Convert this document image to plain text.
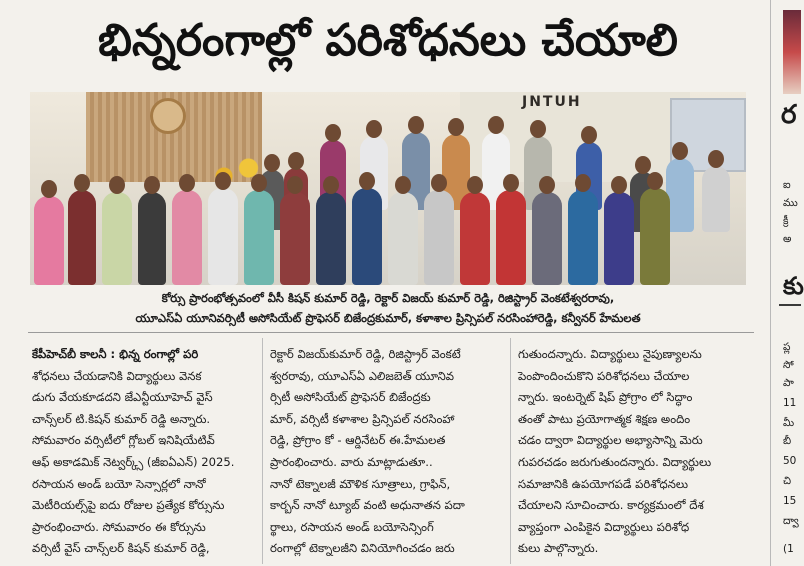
భిన్నరంగాల్లో పరిశోధనలు చేయాలి
JNTUH
కోర్సు ప్రారంభోత్సవంలో వీసీ కిషన్ కుమార్ రెడ్డి, రెక్టార్ విజయ్ కుమార్ రెడ్డి, రిజిస్ట్రార్ వెంకటేశ్వరరావు,
యూఎస్ఏ యూనివర్సిటీ అసోసియేట్ ప్రొఫెసర్ బిజేంద్రకుమార్, కళాశాల ప్రిన్సిపల్ నరసింహారెడ్డి, కన్వీనర్ హేమలత
కేపీహెచ్‌బీ కాలనీ : భిన్న రంగాల్లో పరి
శోధనలు చేయడానికి విద్యార్థులు వెనక
డుగు వేయకూడదని జేఎన్టీయూహెచ్ వైస్
చాన్స్‌లర్ టి.కిషన్ కుమార్ రెడ్డి అన్నారు.
సోమవారం వర్సిటీలో గ్లోబల్ ఇనిషియేటివ్
ఆఫ్ అకాడమిక్ నెట్వర్క్స్ (జీఐఏఎన్) 2025.
రసాయన అండ్ బయో సెన్సార్లలో నానో
మెటీరియల్స్‌పై ఐదు రోజుల ప్రత్యేక కోర్సును
ప్రారంభించారు. సోమవారం ఈ కోర్సును
వర్సిటీ వైస్ చాన్స్‌లర్ కిషన్ కుమార్ రెడ్డి,
రెక్టార్ విజయ్‌కుమార్ రెడ్డి, రిజిస్ట్రార్ వెంకటే
శ్వరరావు, యూఎస్ఏ ఎలిజబెత్ యూనివ
ర్సిటీ అసోసియేట్ ప్రొఫెసర్ బిజేంద్రకు
మార్, వర్సిటీ కళాశాల ప్రిన్సిపల్ నరసింహా
రెడ్డి, ప్రోగ్రాం కో - ఆర్డినేటర్ ఈ.హేమలత
ప్రారంభించారు. వారు మాట్లాడుతూ..
నానో టెక్నాలజీ మౌళిక సూత్రాలు, గ్రాఫిన్,
కార్బన్ నానో ట్యూబ్ వంటి అధునాతన పదా
ర్థాలు, రసాయన అండ్ బయోసెన్సింగ్
రంగాల్లో టెక్నాలజీని వినియోగించడం జరు
గుతుందన్నారు. విద్యార్థులు నైపుణ్యాలను
పెంపొందించుకొని పరిశోధనలు చేయాల
న్నారు. ఇంటర్నెట్ షిప్ ప్రోగ్రాం లో సిద్ధాం
తంతో పాటు ప్రయోగాత్మక శిక్షణ అందిం
చడం ద్వారా విద్యార్థుల అభ్యాసాన్ని మెరు
గుపరచడం జరుగుతుందన్నారు. విద్యార్థులు
సమాజానికి ఉపయోగపడే పరిశోధనలు
చేయాలని సూచించారు. కార్యక్రమంలో దేశ
వ్యాప్తంగా ఎంపికైన విద్యార్థులు పరిశోధ
కులు పాల్గొన్నారు.
ర
ఐ
ము
క్రీ
అ
కు
ప్ల
సో
పా
11
మీ
బీ
50
చి
15
ద్వా
(1
